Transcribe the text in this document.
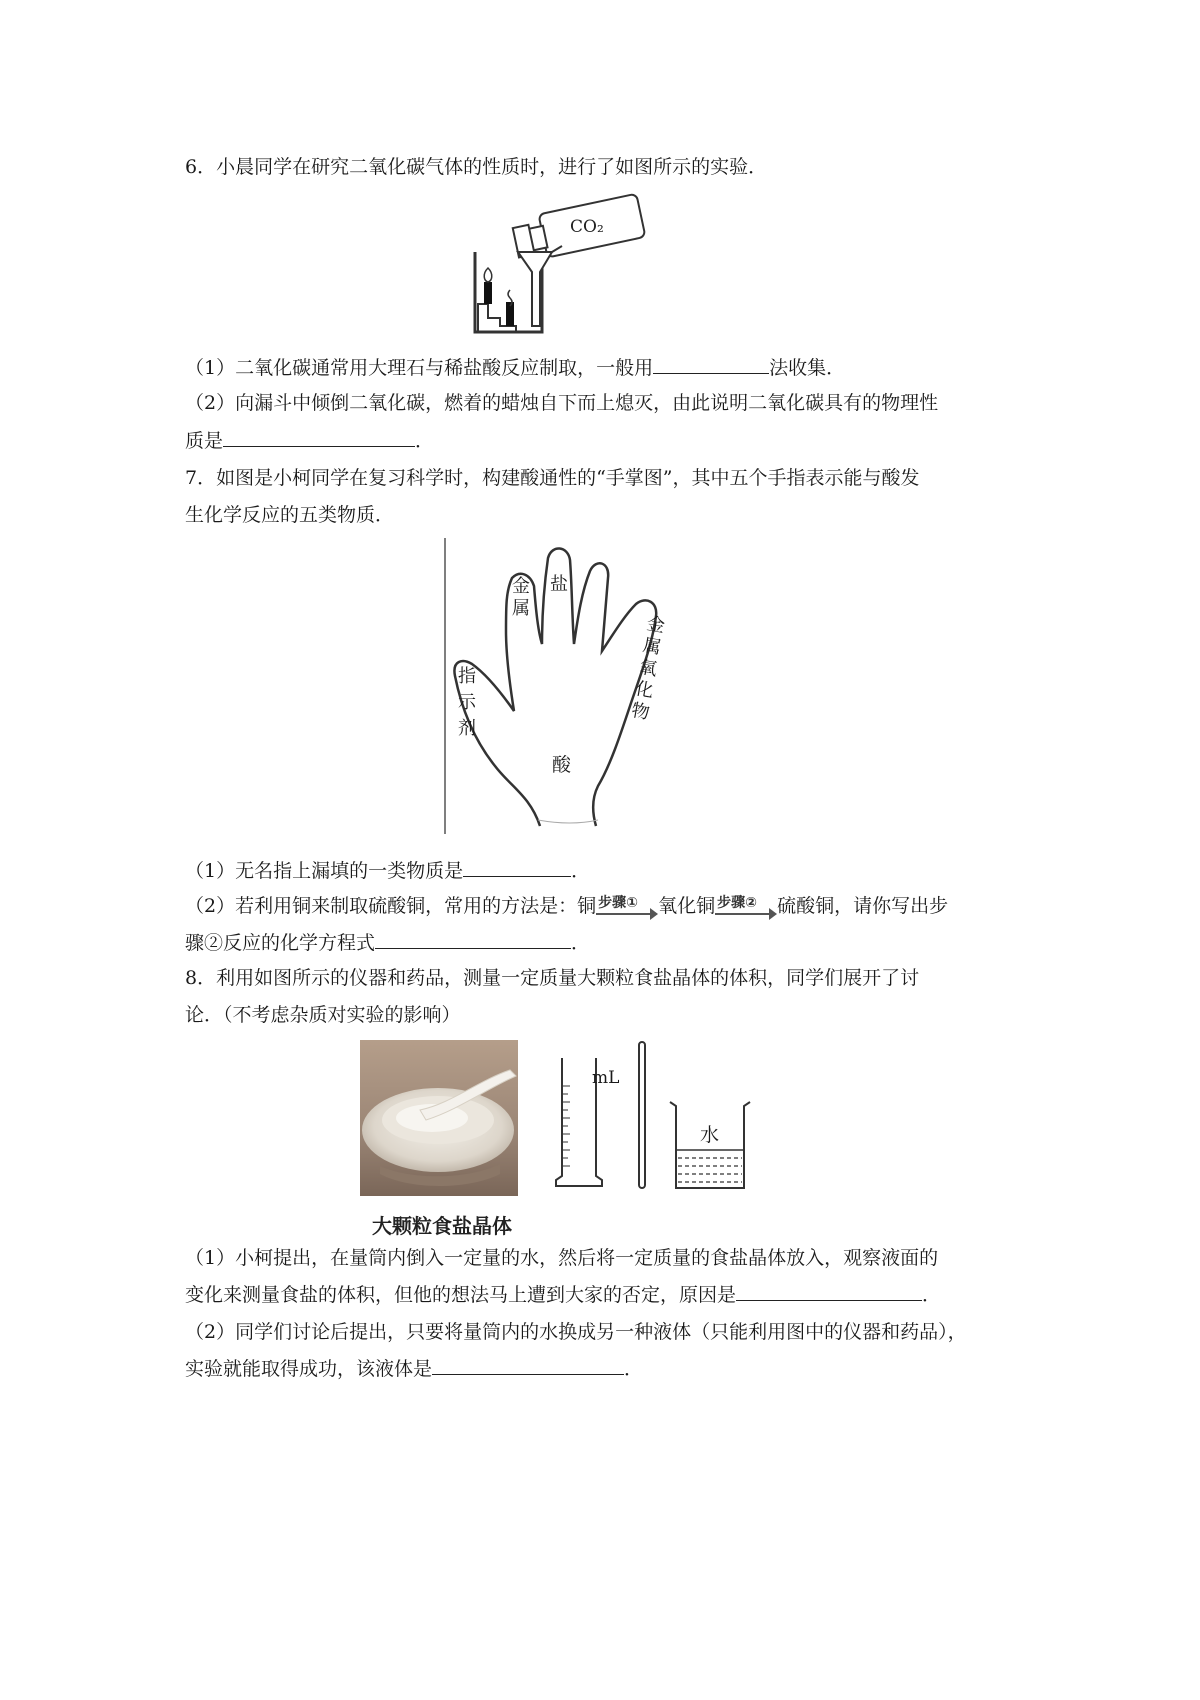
6．小晨同学在研究二氧化碳气体的性质时，进行了如图所示的实验．
CO₂
（1）二氧化碳通常用大理石与稀盐酸反应制取，一般用	法收集．
（2）向漏斗中倾倒二氧化碳，燃着的蜡烛自下而上熄灭，由此说明二氧化碳具有的物理性
质是	．
7．如图是小柯同学在复习科学时，构建酸通性的“手掌图”，其中五个手指表示能与酸发
生化学反应的五类物质．
金
属
盐
金
属
氧
化
物
指
示
剂
酸
（1）无名指上漏填的一类物质是	．
（2）若利用铜来制取硫酸铜，常用的方法是：铜 步骤① 氧化铜 步骤② 硫酸铜，请你写出步
骤②反应的化学方程式	．
8．利用如图所示的仪器和药品，测量一定质量大颗粒食盐晶体的体积，同学们展开了讨
论．（不考虑杂质对实验的影响）
大颗粒食盐晶体
mL
水
（1）小柯提出，在量筒内倒入一定量的水，然后将一定质量的食盐晶体放入，观察液面的
变化来测量食盐的体积，但他的想法马上遭到大家的否定，原因是	．
（2）同学们讨论后提出，只要将量筒内的水换成另一种液体（只能利用图中的仪器和药品），
实验就能取得成功，该液体是	．
